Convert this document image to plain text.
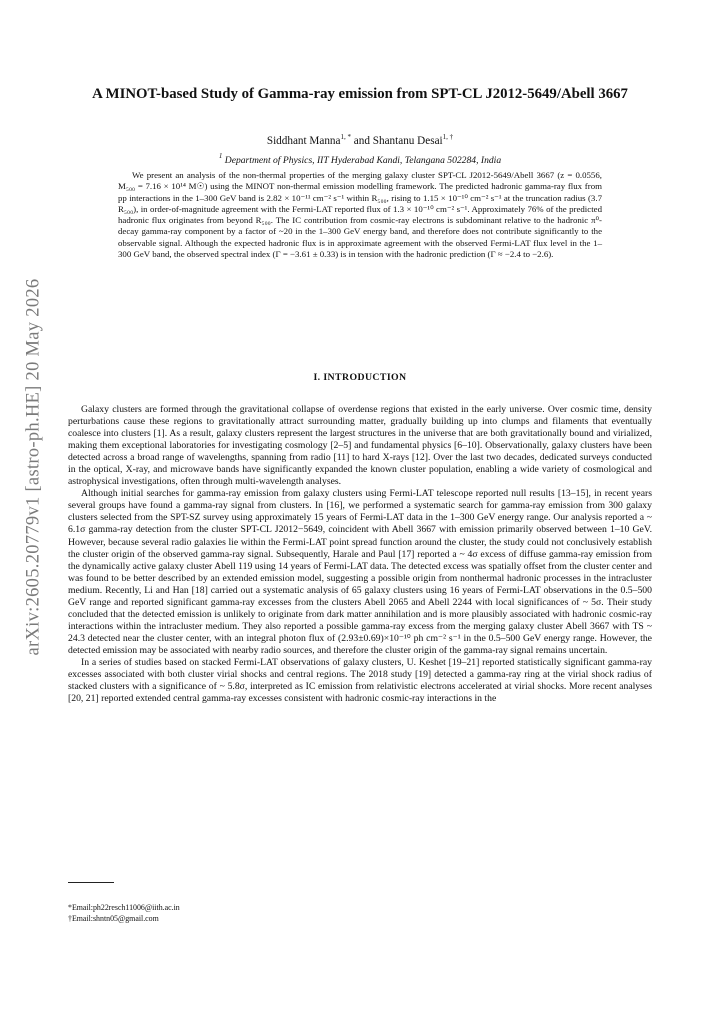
arXiv:2605.20779v1 [astro-ph.HE] 20 May 2026
A MINOT-based Study of Gamma-ray emission from SPT-CL J2012-5649/Abell 3667
Siddhant Manna$^{1, *}$ and Shantanu Desai$^{1, \dagger}$
$^1$ Department of Physics, IIT Hyderabad Kandi, Telangana 502284, India

We present an analysis of the non-thermal properties of the merging galaxy cluster SPT-CL J2012-5649/Abell 3667 (z = 0.0556, M₅₀₀ = 7.16 × 10¹⁴ M☉) using the MINOT non-thermal emission modelling framework. The predicted hadronic gamma-ray flux from pp interactions in the 1–300 GeV band is 2.82 × 10⁻¹¹ cm⁻² s⁻¹ within R₅₀₀, rising to 1.15 × 10⁻¹⁰ cm⁻² s⁻¹ at the truncation radius (3.7 R₅₀₀), in order-of-magnitude agreement with the Fermi-LAT reported flux of 1.3 × 10⁻¹⁰ cm⁻² s⁻¹. Approximately 76% of the predicted hadronic flux originates from beyond R₅₀₀. The IC contribution from cosmic-ray electrons is subdominant relative to the hadronic π⁰-decay gamma-ray component by a factor of ~20 in the 1–300 GeV energy band, and therefore does not contribute significantly to the observable signal. Although the expected hadronic flux is in approximate agreement with the observed Fermi-LAT flux level in the 1–300 GeV band, the observed spectral index (Γ = −3.61 ± 0.33) is in tension with the hadronic prediction (Γ ≈ −2.4 to −2.6).

I. INTRODUCTION

Galaxy clusters are formed through the gravitational collapse of overdense regions that existed in the early universe. Over cosmic time, density perturbations cause these regions to gravitationally attract surrounding matter, gradually building up into clumps and filaments that eventually coalesce into clusters [1]. As a result, galaxy clusters represent the largest structures in the universe that are both gravitationally bound and virialized, making them exceptional laboratories for investigating cosmology [2–5] and fundamental physics [6–10]. Observationally, galaxy clusters have been detected across a broad range of wavelengths, spanning from radio [11] to hard X-rays [12]. Over the last two decades, dedicated surveys conducted in the optical, X-ray, and microwave bands have significantly expanded the known cluster population, enabling a wide variety of cosmological and astrophysical investigations, often through multi-wavelength analyses.

Although initial searches for gamma-ray emission from galaxy clusters using Fermi-LAT telescope reported null results [13–15], in recent years several groups have found a gamma-ray signal from clusters. In [16], we performed a systematic search for gamma-ray emission from 300 galaxy clusters selected from the SPT-SZ survey using approximately 15 years of Fermi-LAT data in the 1–300 GeV energy range. Our analysis reported a ~ 6.1σ gamma-ray detection from the cluster SPT-CL J2012−5649, coincident with Abell 3667 with emission primarily observed between 1–10 GeV. However, because several radio galaxies lie within the Fermi-LAT point spread function around the cluster, the study could not conclusively establish the cluster origin of the observed gamma-ray signal. Subsequently, Harale and Paul [17] reported a ~ 4σ excess of diffuse gamma-ray emission from the dynamically active galaxy cluster Abell 119 using 14 years of Fermi-LAT data. The detected excess was spatially offset from the cluster center and was found to be better described by an extended emission model, suggesting a possible origin from nonthermal hadronic processes in the intracluster medium. Recently, Li and Han [18] carried out a systematic analysis of 65 galaxy clusters using 16 years of Fermi-LAT observations in the 0.5–500 GeV range and reported significant gamma-ray excesses from the clusters Abell 2065 and Abell 2244 with local significances of ~ 5σ. Their study concluded that the detected emission is unlikely to originate from dark matter annihilation and is more plausibly associated with hadronic cosmic-ray interactions within the intracluster medium. They also reported a possible gamma-ray excess from the merging galaxy cluster Abell 3667 with TS ~ 24.3 detected near the cluster center, with an integral photon flux of (2.93±0.69)×10⁻¹⁰ ph cm⁻² s⁻¹ in the 0.5–500 GeV energy range. However, the detected emission may be associated with nearby radio sources, and therefore the cluster origin of the gamma-ray signal remains uncertain.

In a series of studies based on stacked Fermi-LAT observations of galaxy clusters, U. Keshet [19–21] reported statistically significant gamma-ray excesses associated with both cluster virial shocks and central regions. The 2018 study [19] detected a gamma-ray ring at the virial shock radius of stacked clusters with a significance of ~ 5.8σ, interpreted as IC emission from relativistic electrons accelerated at virial shocks. More recent analyses [20, 21] reported extended central gamma-ray excesses consistent with hadronic cosmic-ray interactions in the

*Email:ph22resch11006@iith.ac.in
†Email:shntn05@gmail.com
